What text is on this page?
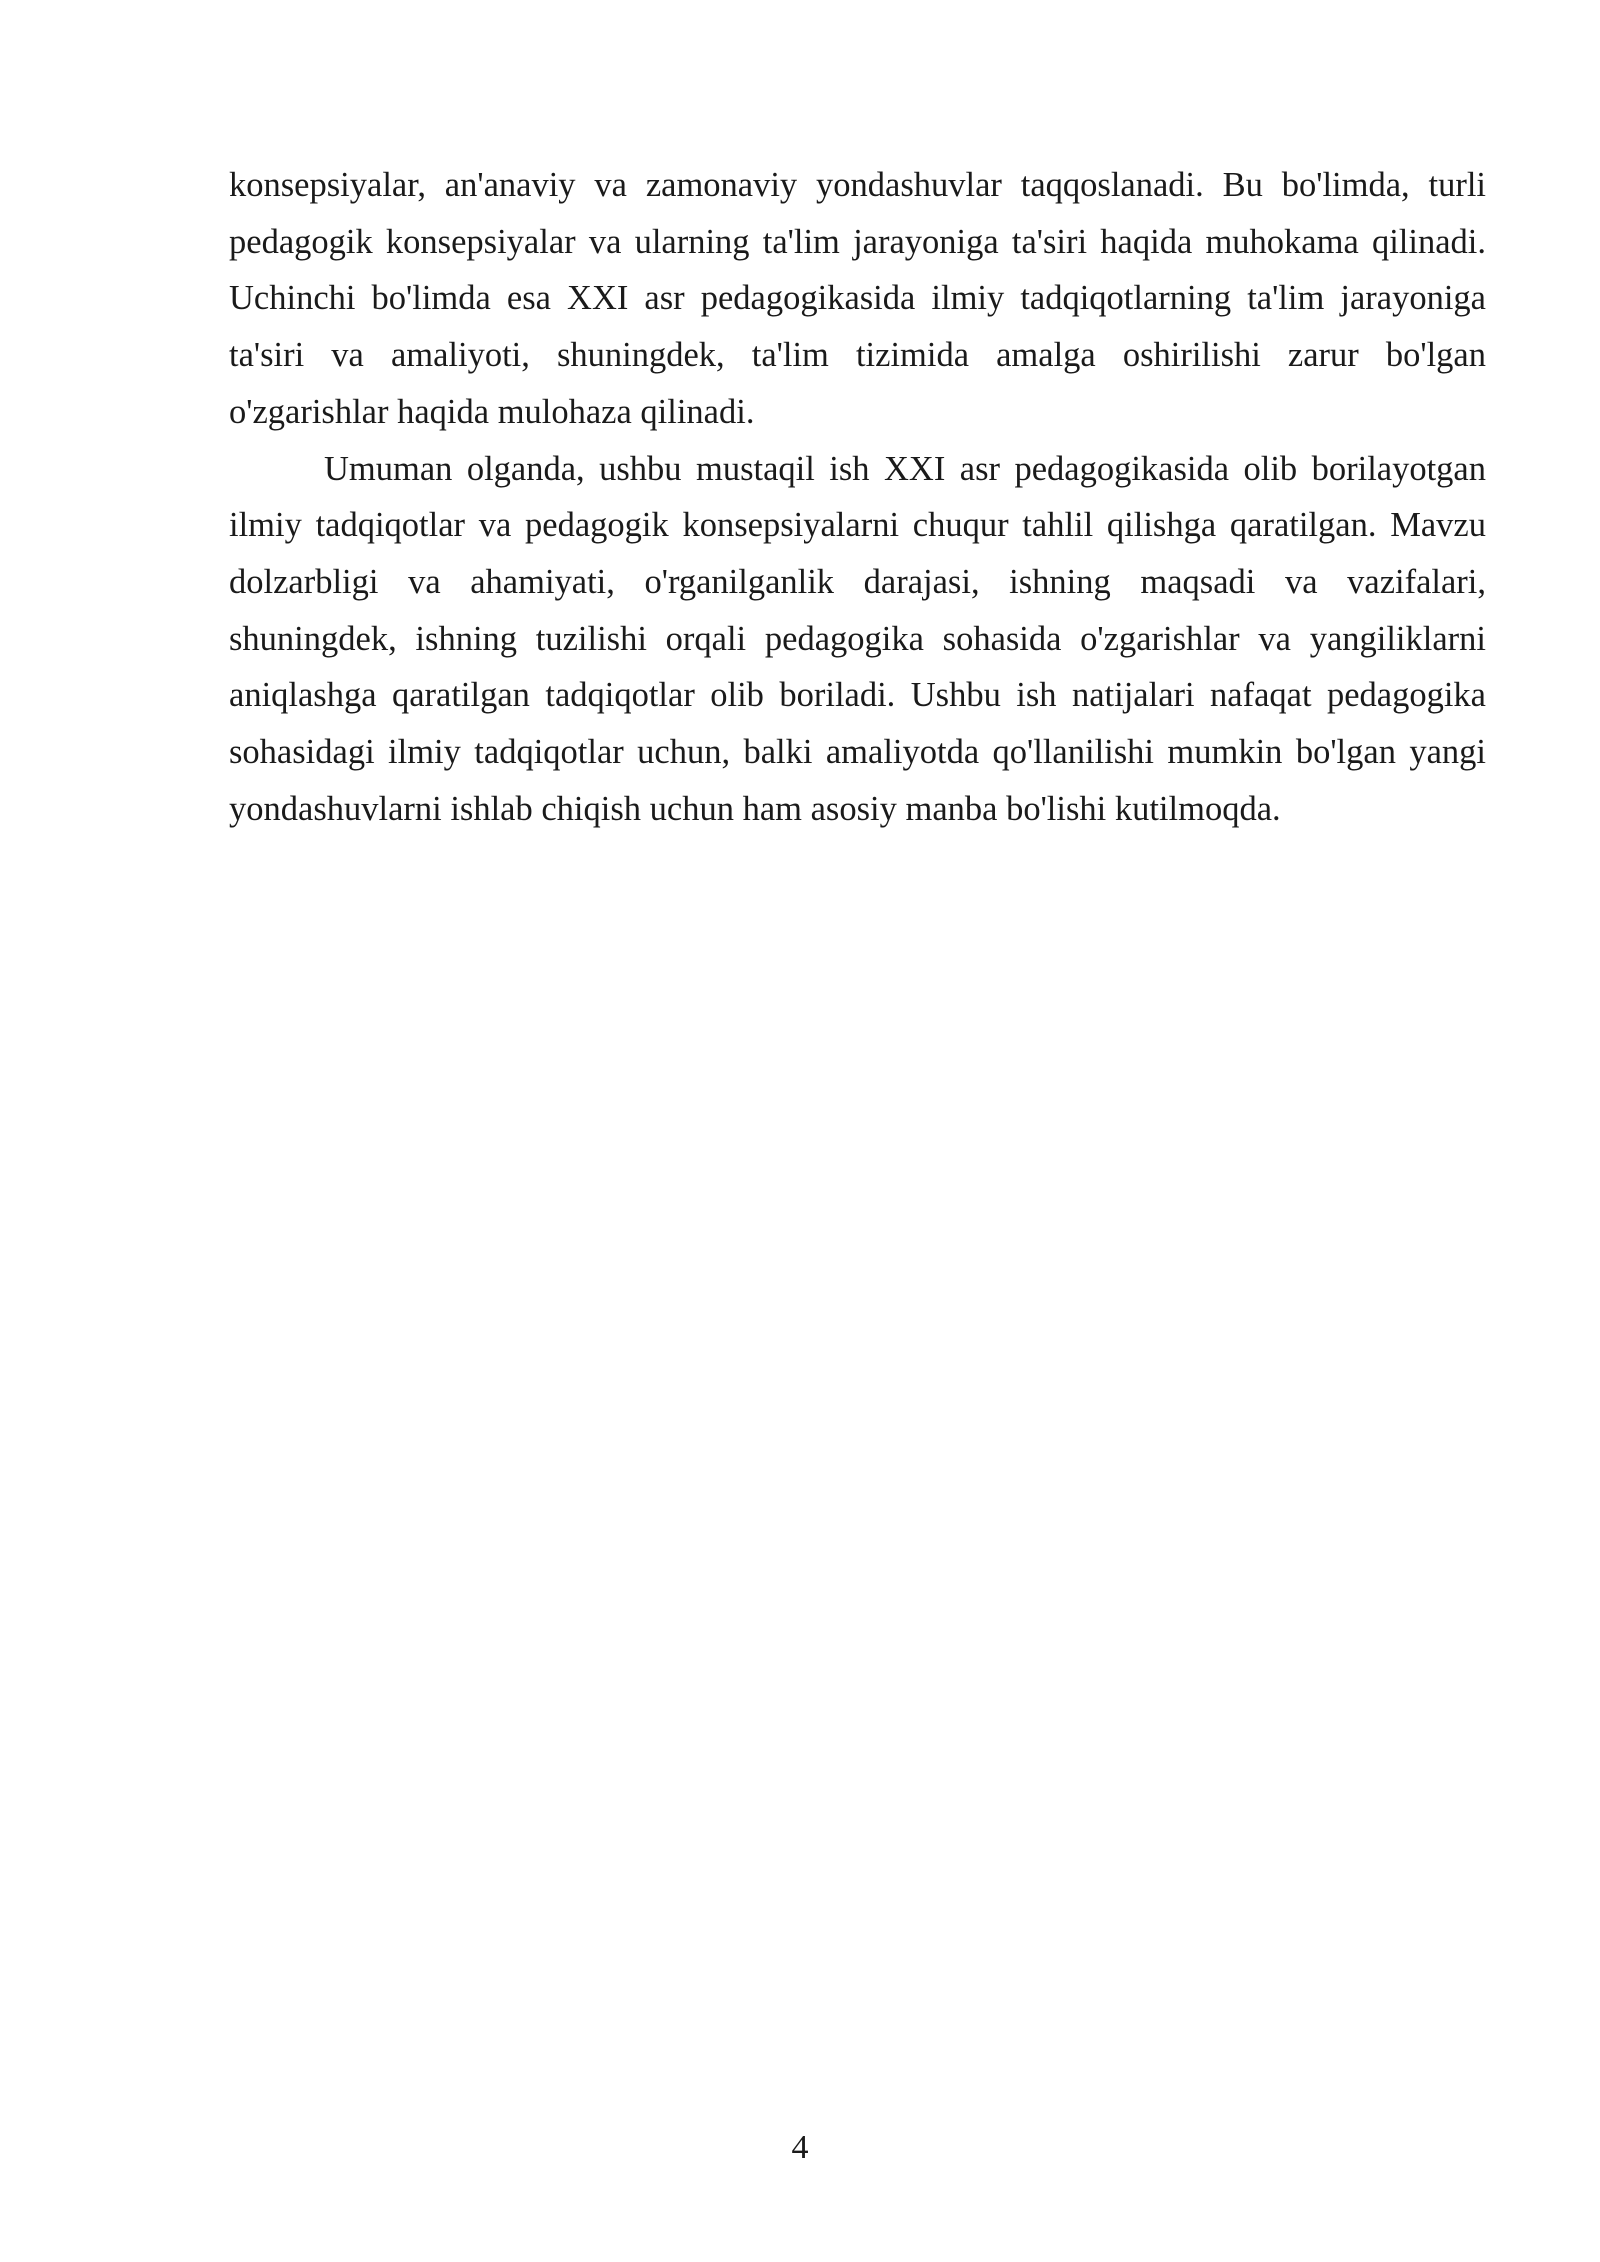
konsepsiyalar, an'anaviy va zamonaviy yondashuvlar taqqoslanadi. Bu bo'limda, turli pedagogik konsepsiyalar va ularning ta'lim jarayoniga ta'siri haqida muhokama qilinadi. Uchinchi bo'limda esa XXI asr pedagogikasida ilmiy tadqiqotlarning ta'lim jarayoniga ta'siri va amaliyoti, shuningdek, ta'lim tizimida amalga oshirilishi zarur bo'lgan o'zgarishlar haqida mulohaza qilinadi.

Umuman olganda, ushbu mustaqil ish XXI asr pedagogikasida olib borilayotgan ilmiy tadqiqotlar va pedagogik konsepsiyalarni chuqur tahlil qilishga qaratilgan. Mavzu dolzarbligi va ahamiyati, o'rganilganlik darajasi, ishning maqsadi va vazifalari, shuningdek, ishning tuzilishi orqali pedagogika sohasida o'zgarishlar va yangiliklarni aniqlashga qaratilgan tadqiqotlar olib boriladi. Ushbu ish natijalari nafaqat pedagogika sohasidagi ilmiy tadqiqotlar uchun, balki amaliyotda qo'llanilishi mumkin bo'lgan yangi yondashuvlarni ishlab chiqish uchun ham asosiy manba bo'lishi kutilmoqda.

4
